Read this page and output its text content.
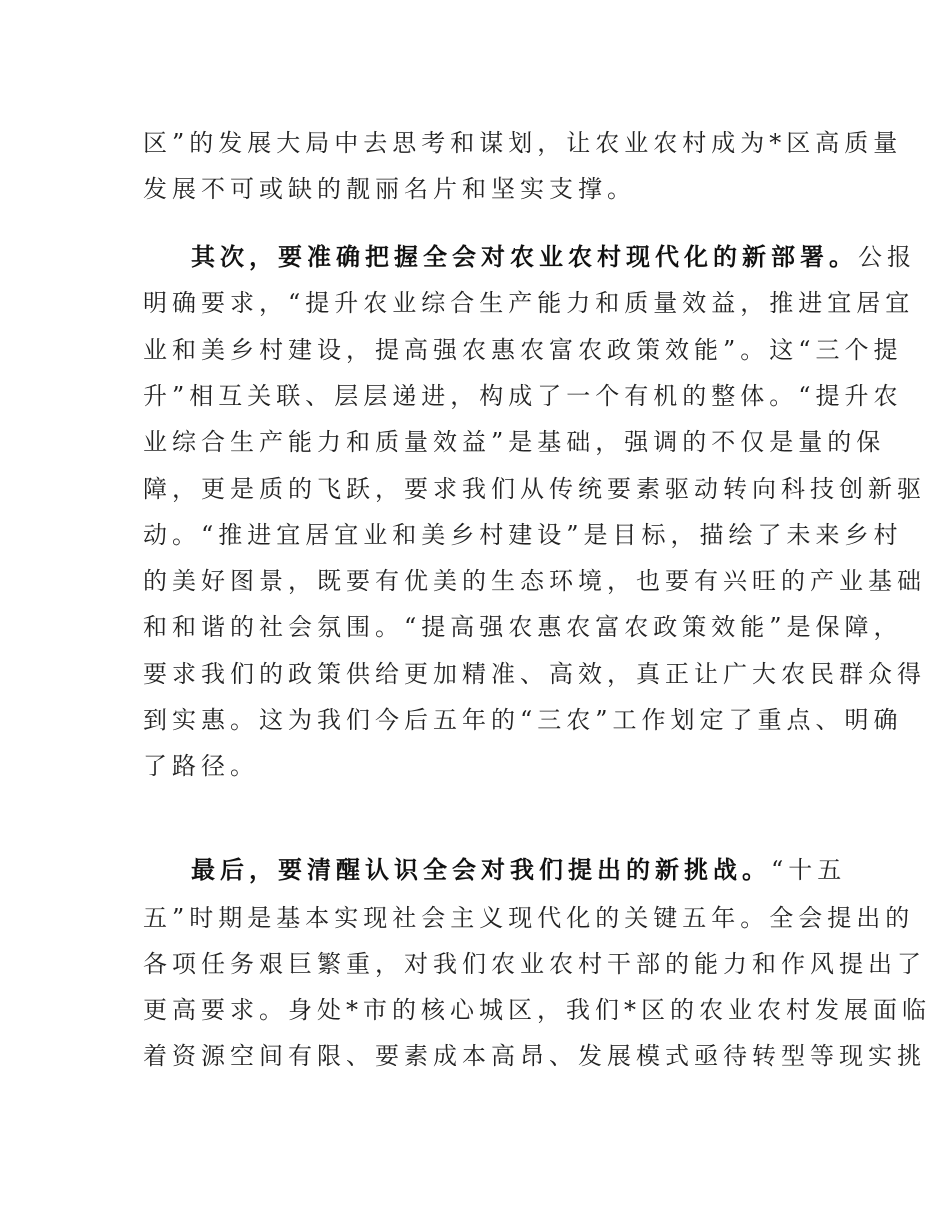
区”的发展大局中去思考和谋划，让农业农村成为*区高质量
发展不可或缺的靓丽名片和坚实支撑。
其次，要准确把握全会对农业农村现代化的新部署。公报
明确要求，“提升农业综合生产能力和质量效益，推进宜居宜
业和美乡村建设，提高强农惠农富农政策效能”。这“三个提
升”相互关联、层层递进，构成了一个有机的整体。“提升农
业综合生产能力和质量效益”是基础，强调的不仅是量的保
障，更是质的飞跃，要求我们从传统要素驱动转向科技创新驱
动。“推进宜居宜业和美乡村建设”是目标，描绘了未来乡村
的美好图景，既要有优美的生态环境，也要有兴旺的产业基础
和和谐的社会氛围。“提高强农惠农富农政策效能”是保障，
要求我们的政策供给更加精准、高效，真正让广大农民群众得
到实惠。这为我们今后五年的“三农”工作划定了重点、明确
了路径。
最后，要清醒认识全会对我们提出的新挑战。“十五
五”时期是基本实现社会主义现代化的关键五年。全会提出的
各项任务艰巨繁重，对我们农业农村干部的能力和作风提出了
更高要求。身处*市的核心城区，我们*区的农业农村发展面临
着资源空间有限、要素成本高昂、发展模式亟待转型等现实挑
